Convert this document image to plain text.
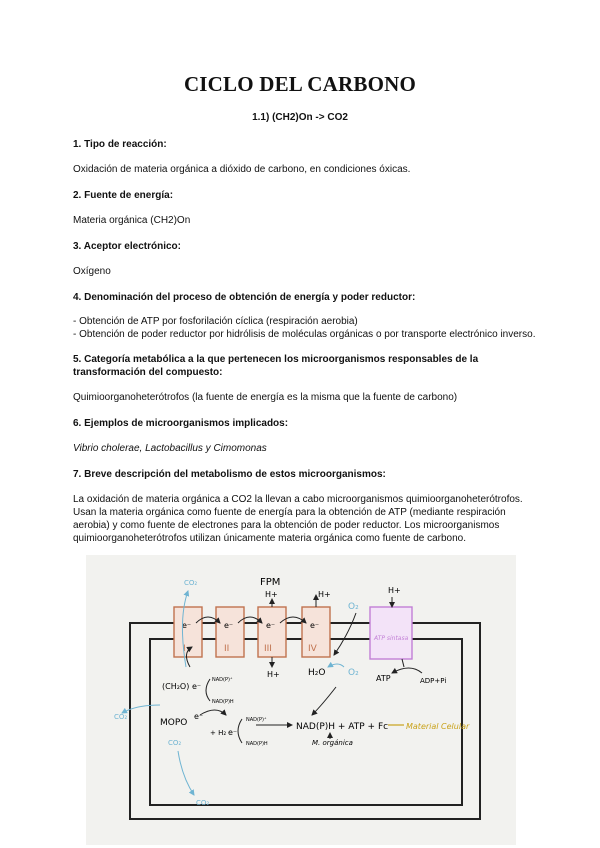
CICLO DEL CARBONO
1.1) (CH2)On -> CO2
1. Tipo de reacción:
Oxidación de materia orgánica a dióxido de carbono, en condiciones óxicas.
2. Fuente de energía:
Materia orgánica (CH2)On
3. Aceptor electrónico:
Oxígeno
4. Denominación del proceso de obtención de energía y poder reductor:
- Obtención de ATP por fosforilación cíclica (respiración aerobia)
- Obtención de poder reductor por hidrólisis de moléculas orgánicas o por transporte electrónico inverso.
5. Categoría metabólica a la que pertenecen los microorganismos responsables de la
transformación del compuesto:
Quimioorganoheterótrofos (la fuente de energía es la misma que la fuente de carbono)
6. Ejemplos de microorganismos implicados:
Vibrio cholerae, Lactobacillus y Cimomonas
7. Breve descripción del metabolismo de estos microorganismos:
La oxidación de materia orgánica a CO2 la llevan a cabo microorganismos quimioorganoheterótrofos.
Usan la materia orgánica como fuente de energía para la obtención de ATP (mediante respiración
aerobia) y como fuente de electrones para la obtención de poder reductor. Los microorganismos
quimioorganoheterótrofos utilizan únicamente materia orgánica como fuente de carbono.
I	II	III	IV
ATP sintasa
e⁻	e⁻	e⁻	e⁻
FPM
H+	H+	H+
H+
O₂
H₂O	O₂
ATP	ADP+Pi
(CH₂O) e⁻
NAD(P)⁺
NAD(P)H
MOPO
e⁻
+ H₂ e⁻
NAD(P)⁺
NAD(P)H
CO₂
CO₂
CO₂
CO₂
NAD(P)H + ATP + Fc Material Celular
M. orgánica
